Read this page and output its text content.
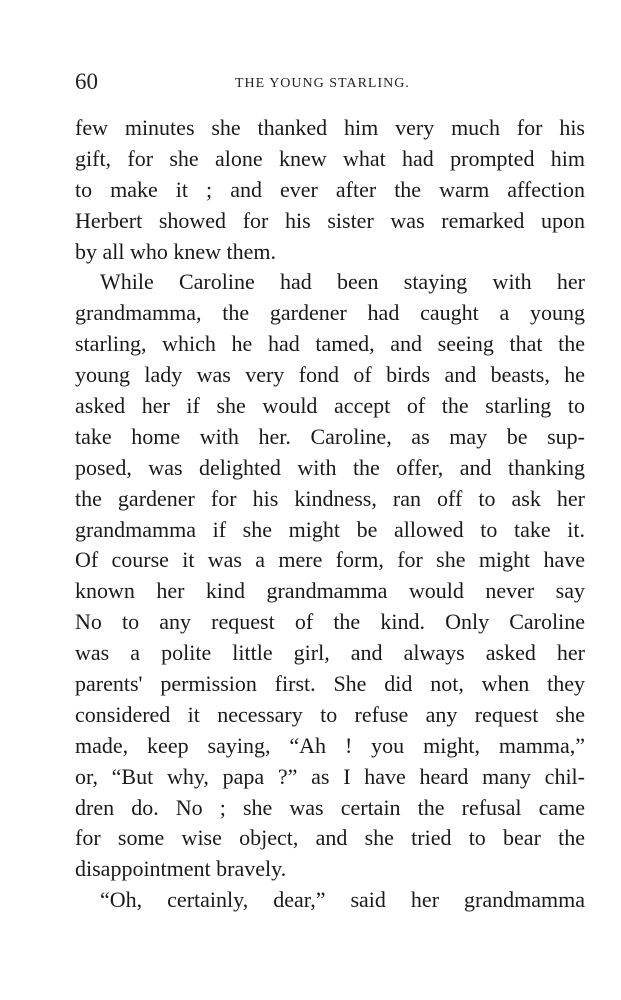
60	THE YOUNG STARLING.
few minutes she thanked him very much for his
gift, for she alone knew what had prompted him
to make it ; and ever after the warm affection
Herbert showed for his sister was remarked upon
by all who knew them.
While Caroline had been staying with her
grandmamma, the gardener had caught a young
starling, which he had tamed, and seeing that the
young lady was very fond of birds and beasts, he
asked her if she would accept of the starling to
take home with her. Caroline, as may be sup-
posed, was delighted with the offer, and thanking
the gardener for his kindness, ran off to ask her
grandmamma if she might be allowed to take it.
Of course it was a mere form, for she might have
known her kind grandmamma would never say
No to any request of the kind. Only Caroline
was a polite little girl, and always asked her
parents' permission first. She did not, when they
considered it necessary to refuse any request she
made, keep saying, “Ah ! you might, mamma,”
or, “But why, papa ?” as I have heard many chil-
dren do. No ; she was certain the refusal came
for some wise object, and she tried to bear the
disappointment bravely.
“Oh, certainly, dear,” said her grandmamma
